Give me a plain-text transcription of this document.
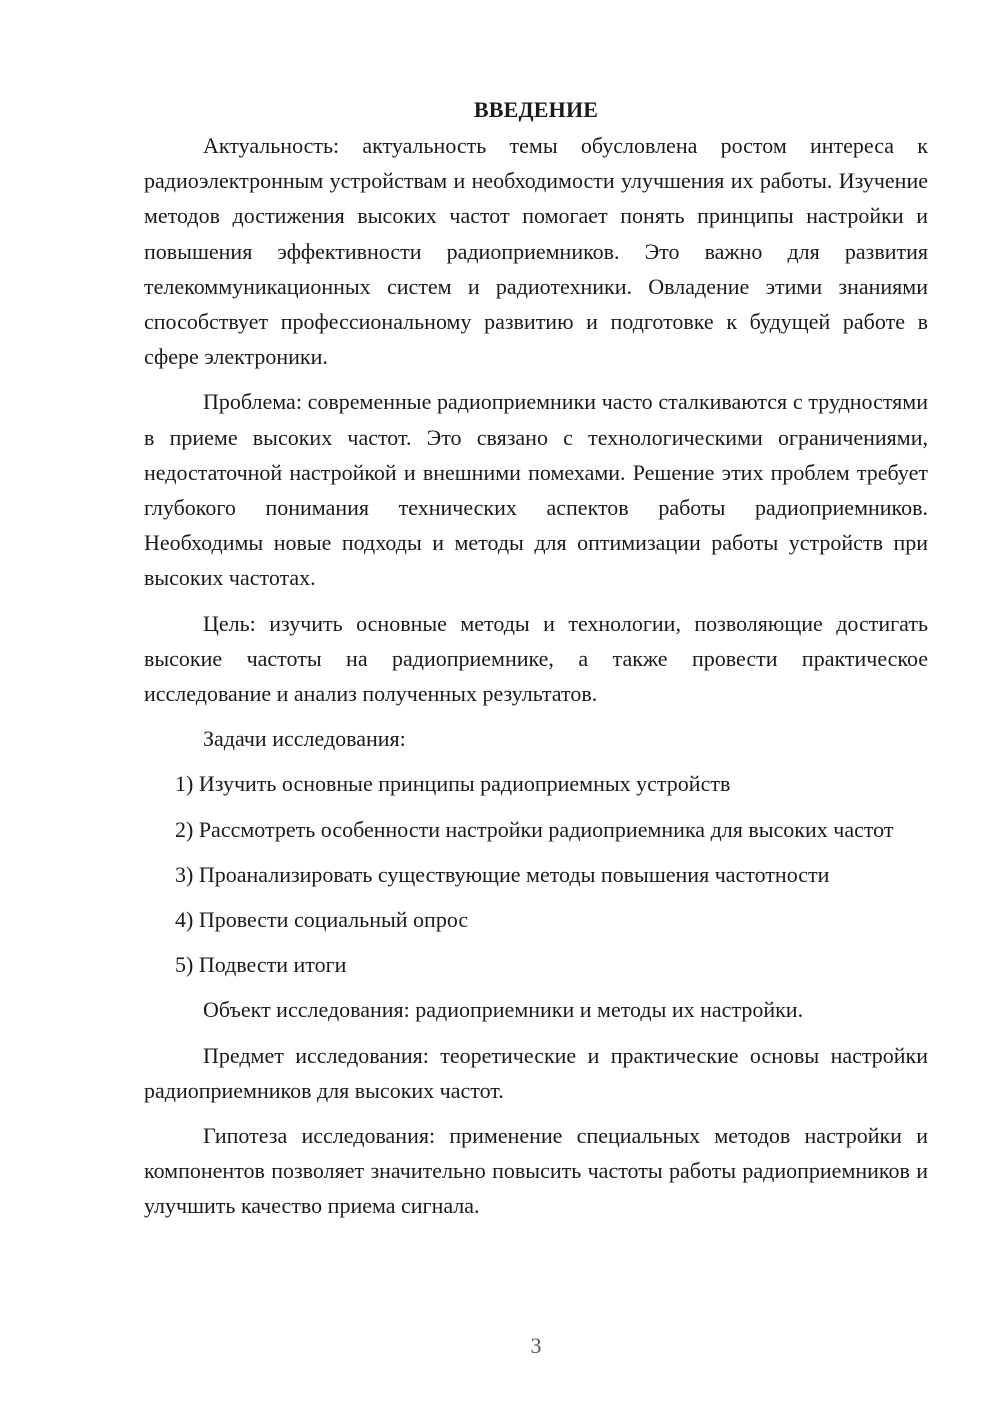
ВВЕДЕНИЕ

Актуальность: актуальность темы обусловлена ростом интереса к радиоэлектронным устройствам и необходимости улучшения их работы. Изучение методов достижения высоких частот помогает понять принципы настройки и повышения эффективности радиоприемников. Это важно для развития телекоммуникационных систем и радиотехники. Овладение этими знаниями способствует профессиональному развитию и подготовке к будущей работе в сфере электроники.

Проблема: современные радиоприемники часто сталкиваются с трудностями в приеме высоких частот. Это связано с технологическими ограничениями, недостаточной настройкой и внешними помехами. Решение этих проблем требует глубокого понимания технических аспектов работы радиоприемников. Необходимы новые подходы и методы для оптимизации работы устройств при высоких частотах.

Цель: изучить основные методы и технологии, позволяющие достигать высокие частоты на радиоприемнике, а также провести практическое исследование и анализ полученных результатов.

Задачи исследования:

1) Изучить основные принципы радиоприемных устройств

2) Рассмотреть особенности настройки радиоприемника для высоких частот

3) Проанализировать существующие методы повышения частотности

4) Провести социальный опрос

5) Подвести итоги

Объект исследования: радиоприемники и методы их настройки.

Предмет исследования: теоретические и практические основы настройки радиоприемников для высоких частот.

Гипотеза исследования: применение специальных методов настройки и компонентов позволяет значительно повысить частоты работы радиоприемников и улучшить качество приема сигнала.

3
